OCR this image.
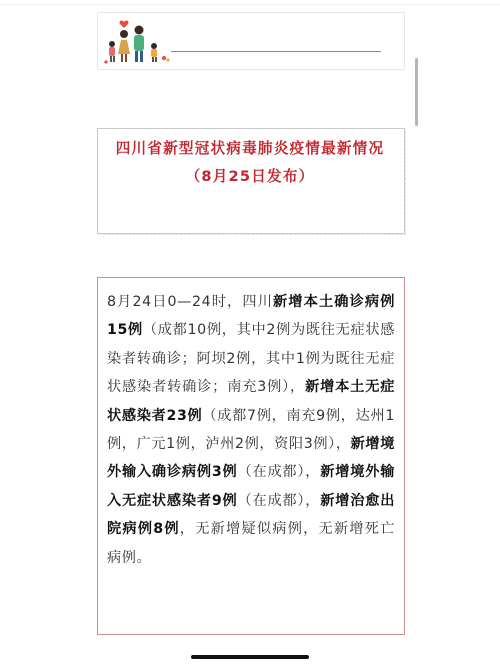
四川省新型冠状病毒肺炎疫情最新情况
（8月25日发布）
8月24日0—24时，四川新增本土确诊病例15例（成都10例，其中2例为既往无症状感染者转确诊；阿坝2例，其中1例为既往无症状感染者转确诊；南充3例），新增本土无症状感染者23例（成都7例，南充9例，达州1例，广元1例，泸州2例，资阳3例），新增境外输入确诊病例3例（在成都），新增境外输入无症状感染者9例（在成都），新增治愈出院病例8例，无新增疑似病例，无新增死亡病例。
